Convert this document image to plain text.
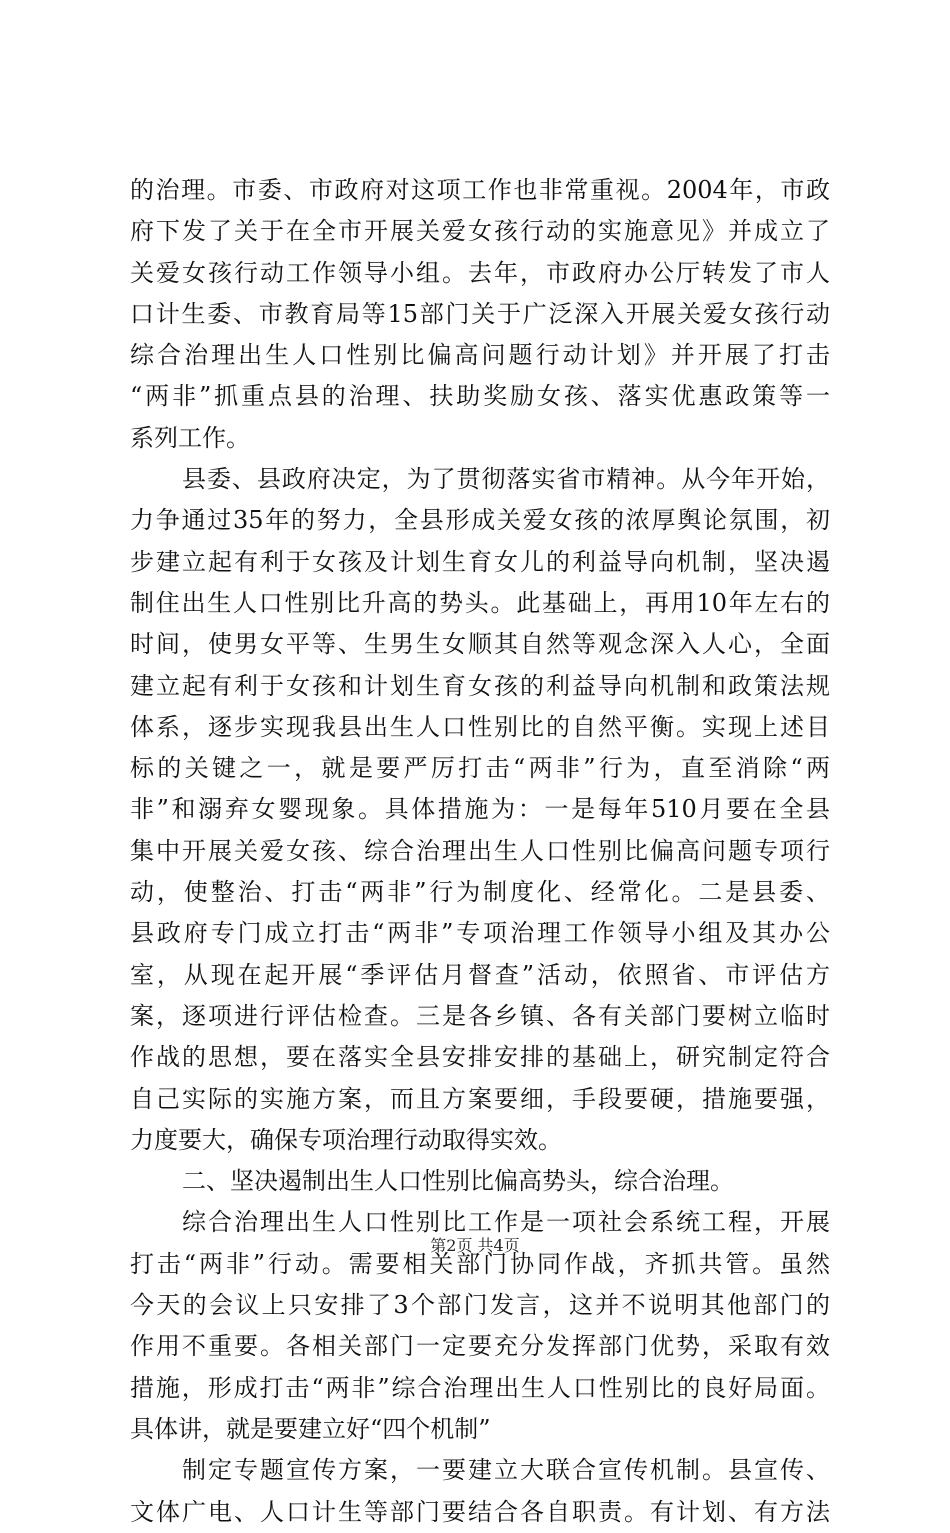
的治理。市委、市政府对这项工作也非常重视。2004年，市政
府下发了关于在全市开展关爱女孩行动的实施意见》并成立了
关爱女孩行动工作领导小组。去年，市政府办公厅转发了市人
口计生委、市教育局等15部门关于广泛深入开展关爱女孩行动
综合治理出生人口性别比偏高问题行动计划》并开展了打击
“两非”抓重点县的治理、扶助奖励女孩、落实优惠政策等一
系列工作。
县委、县政府决定，为了贯彻落实省市精神。从今年开始，
力争通过35年的努力，全县形成关爱女孩的浓厚舆论氛围，初
步建立起有利于女孩及计划生育女儿的利益导向机制，坚决遏
制住出生人口性别比升高的势头。此基础上，再用10年左右的
时间，使男女平等、生男生女顺其自然等观念深入人心，全面
建立起有利于女孩和计划生育女孩的利益导向机制和政策法规
体系，逐步实现我县出生人口性别比的自然平衡。实现上述目
标的关键之一，就是要严厉打击“两非”行为，直至消除“两
非”和溺弃女婴现象。具体措施为：一是每年510月要在全县
集中开展关爱女孩、综合治理出生人口性别比偏高问题专项行
动，使整治、打击“两非”行为制度化、经常化。二是县委、
县政府专门成立打击“两非”专项治理工作领导小组及其办公
室，从现在起开展“季评估月督查”活动，依照省、市评估方
案，逐项进行评估检查。三是各乡镇、各有关部门要树立临时
作战的思想，要在落实全县安排安排的基础上，研究制定符合
自己实际的实施方案，而且方案要细，手段要硬，措施要强，
力度要大，确保专项治理行动取得实效。
二、坚决遏制出生人口性别比偏高势头，综合治理。
综合治理出生人口性别比工作是一项社会系统工程，开展
打击“两非”行动。需要相关部门协同作战，齐抓共管。虽然
今天的会议上只安排了3个部门发言，这并不说明其他部门的
作用不重要。各相关部门一定要充分发挥部门优势，采取有效
措施，形成打击“两非”综合治理出生人口性别比的良好局面。
具体讲，就是要建立好“四个机制”
制定专题宣传方案，一要建立大联合宣传机制。县宣传、
文体广电、人口计生等部门要结合各自职责。有计划、有方法
第2页 共4页
